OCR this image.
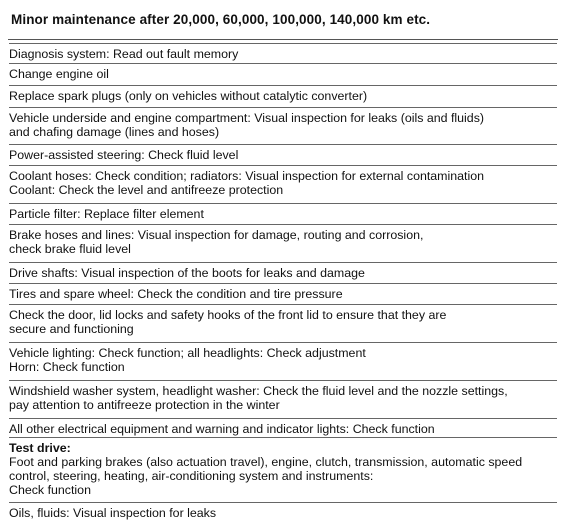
Minor maintenance after 20,000, 60,000, 100,000, 140,000 km etc.
Diagnosis system: Read out fault memory
Change engine oil
Replace spark plugs (only on vehicles without catalytic converter)
Vehicle underside and engine compartment: Visual inspection for leaks (oils and fluids)
and chafing damage (lines and hoses)
Power-assisted steering: Check fluid level
Coolant hoses: Check condition; radiators: Visual inspection for external contamination
Coolant: Check the level and antifreeze protection
Particle filter: Replace filter element
Brake hoses and lines: Visual inspection for damage, routing and corrosion,
check brake fluid level
Drive shafts: Visual inspection of the boots for leaks and damage
Tires and spare wheel: Check the condition and tire pressure
Check the door, lid locks and safety hooks of the front lid to ensure that they are
secure and functioning
Vehicle lighting: Check function; all headlights: Check adjustment
Horn: Check function
Windshield washer system, headlight washer: Check the fluid level and the nozzle settings,
pay attention to antifreeze protection in the winter
All other electrical equipment and warning and indicator lights: Check function
Test drive:
Foot and parking brakes (also actuation travel), engine, clutch, transmission, automatic speed
control, steering, heating, air-conditioning system and instruments:
Check function
Oils, fluids: Visual inspection for leaks
